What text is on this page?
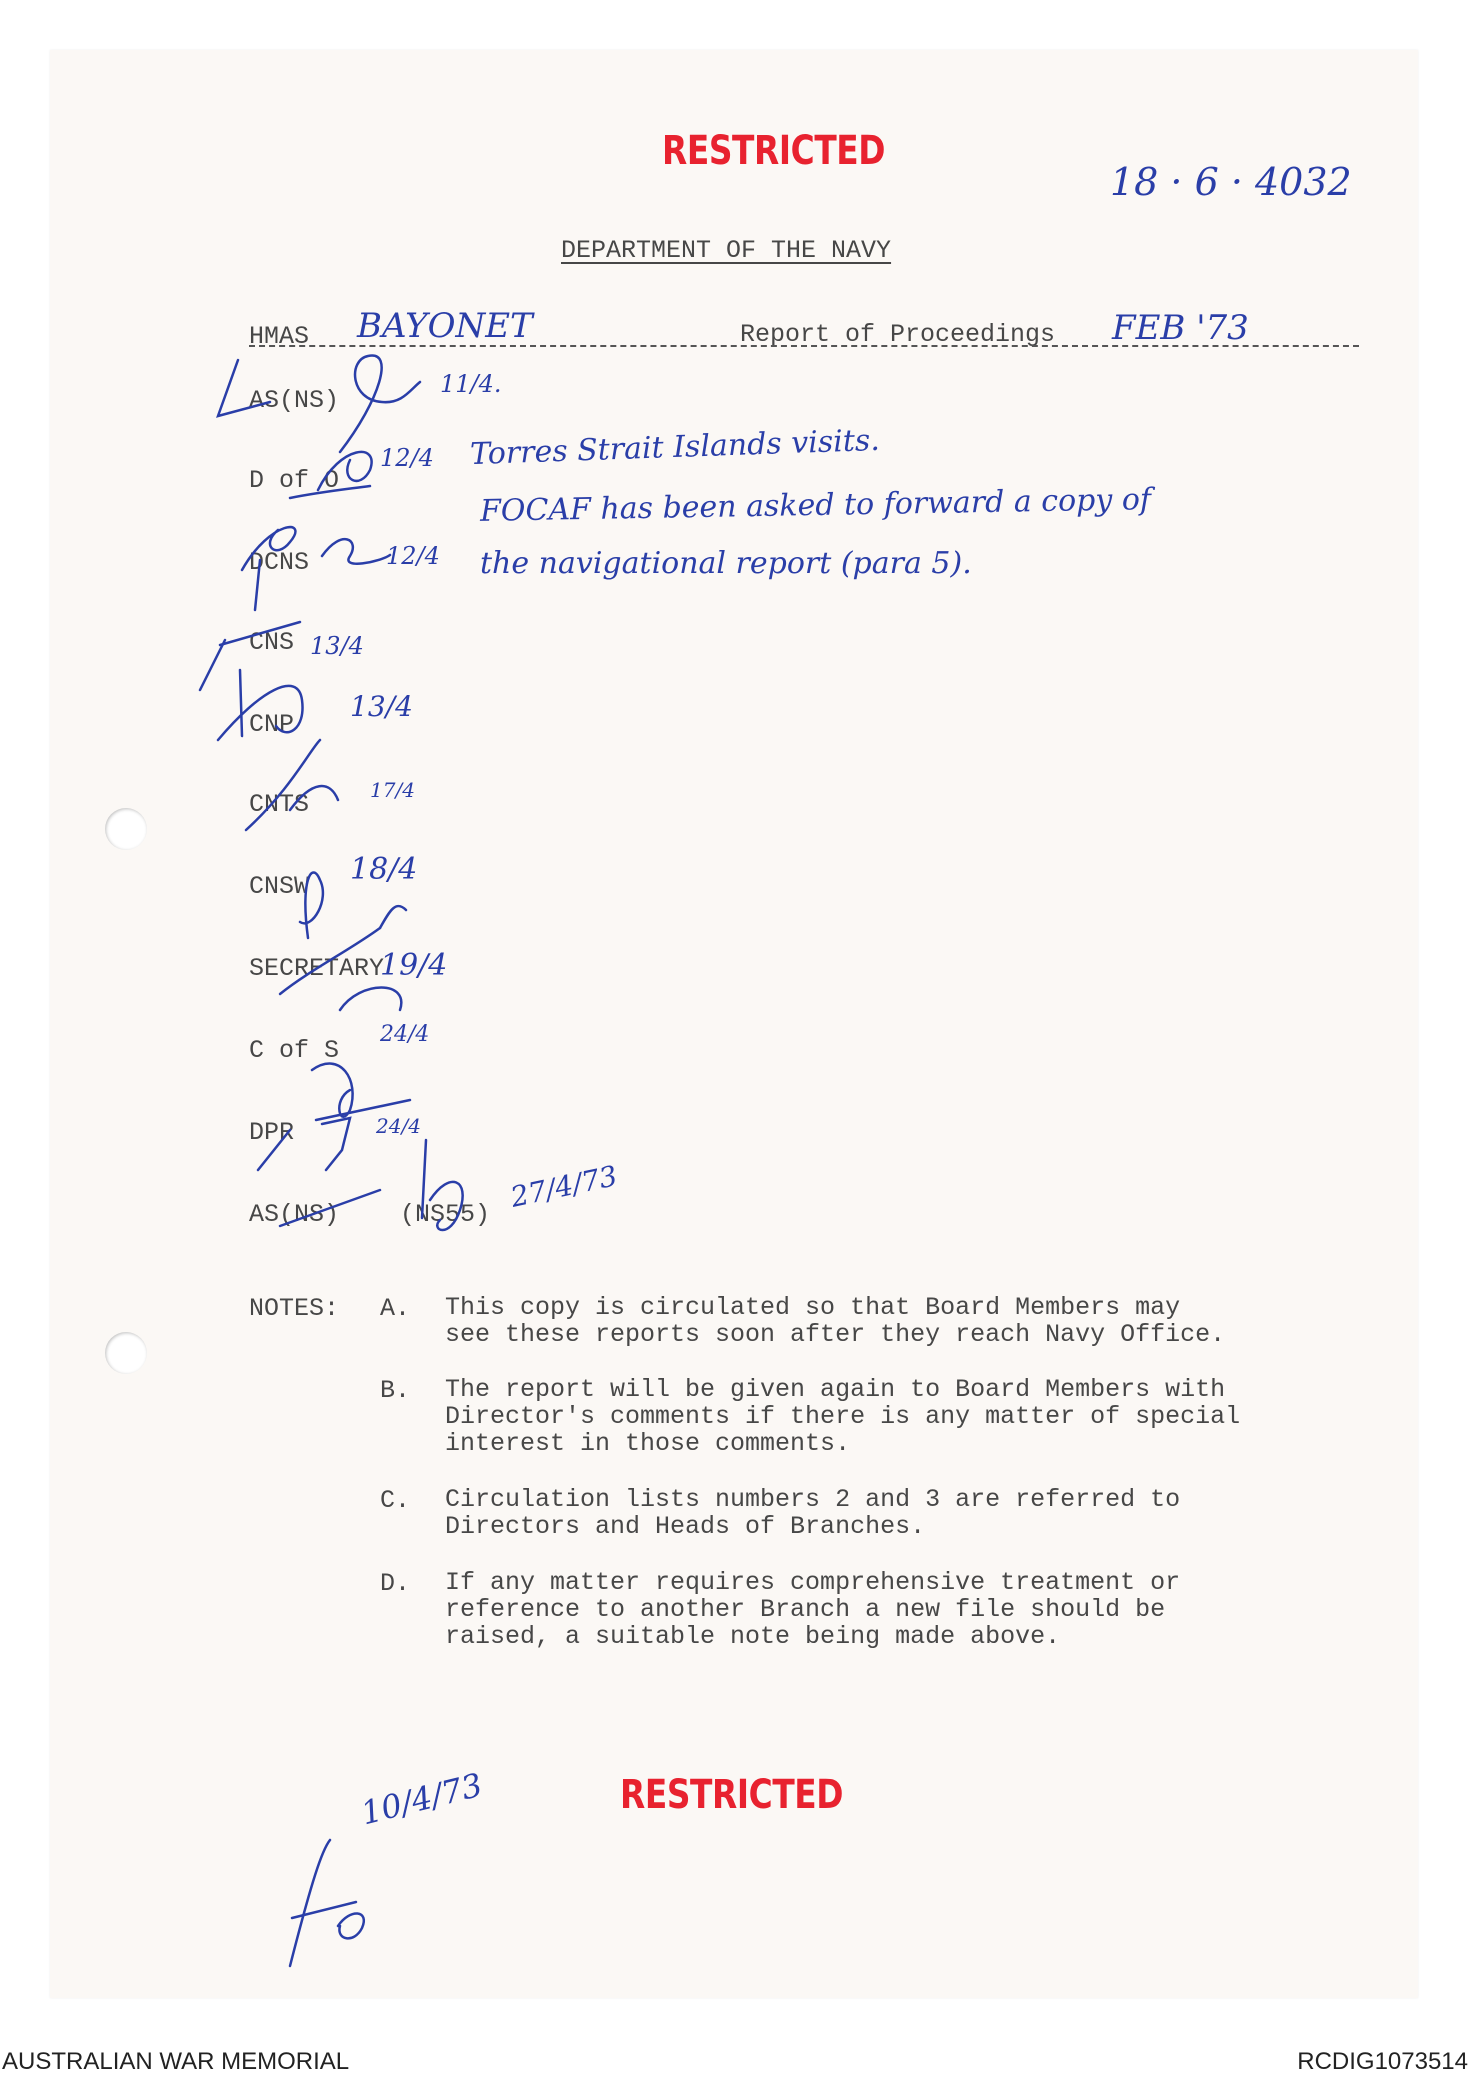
RESTRICTED
18 · 6 · 4032
DEPARTMENT OF THE NAVY
HMAS BAYONET	Report of Proceedings FEB '73
AS(NS)
11/4.
D of O
12/4
DCNS	12/4
CNS 13/4
CNP
13/4
CNTS	17/4
CNSW 18/4
SECRETARY
19/4
C of S
24/4
DPR	24/4
AS(NS) (NS55)
27/4/73
Torres Strait Islands visits.
FOCAF has been asked to forward a copy of
the navigational report (para 5).
NOTES: A. This copy is circulated so that Board Members may
see these reports soon after they reach Navy Office.
B. The report will be given again to Board Members with
Director's comments if there is any matter of special
interest in those comments.
C. Circulation lists numbers 2 and 3 are referred to
Directors and Heads of Branches.
D. If any matter requires comprehensive treatment or
reference to another Branch a new file should be
raised, a suitable note being made above.
10/4/73	RESTRICTED
AUSTRALIAN WAR MEMORIAL	RCDIG1073514
